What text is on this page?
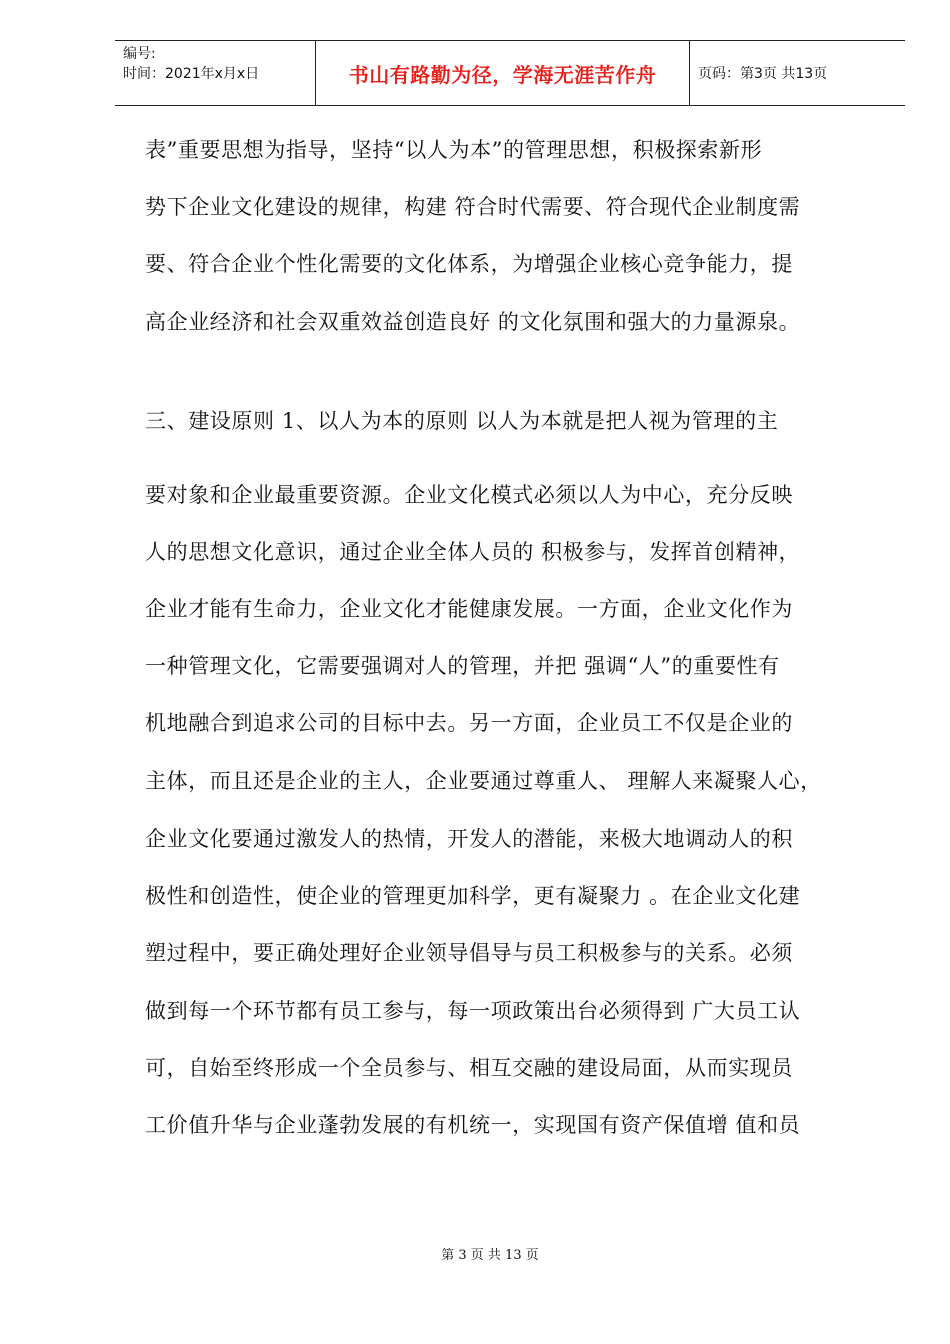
编号:
时间：2021年x月x日	书山有路勤为径，学海无涯苦作舟	页码：第3页 共13页
表”重要思想为指导，坚持“以人为本”的管理思想，积极探索新形
势下企业文化建设的规律，构建 符合时代需要、符合现代企业制度需
要、符合企业个性化需要的文化体系，为增强企业核心竞争能力，提
高企业经济和社会双重效益创造良好 的文化氛围和强大的力量源泉。
三、建设原则 1、以人为本的原则 以人为本就是把人视为管理的主
要对象和企业最重要资源。企业文化模式必须以人为中心，充分反映
人的思想文化意识，通过企业全体人员的 积极参与，发挥首创精神，
企业才能有生命力，企业文化才能健康发展。一方面，企业文化作为
一种管理文化，它需要强调对人的管理，并把 强调“人”的重要性有
机地融合到追求公司的目标中去。另一方面，企业员工不仅是企业的
主体，而且还是企业的主人，企业要通过尊重人、 理解人来凝聚人心，
企业文化要通过激发人的热情，开发人的潜能，来极大地调动人的积
极性和创造性，使企业的管理更加科学，更有凝聚力 。在企业文化建
塑过程中，要正确处理好企业领导倡导与员工积极参与的关系。必须
做到每一个环节都有员工参与，每一项政策出台必须得到 广大员工认
可，自始至终形成一个全员参与、相互交融的建设局面，从而实现员
工价值升华与企业蓬勃发展的有机统一，实现国有资产保值增 值和员
第 3 页 共 13 页
